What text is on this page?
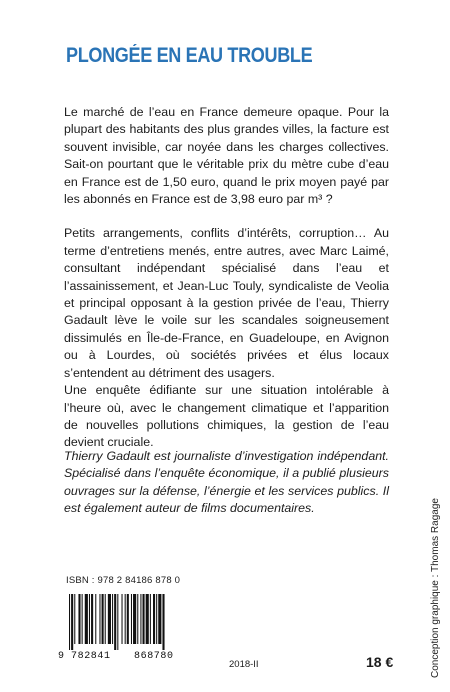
PLONGÉE EN EAU TROUBLE

Le marché de l’eau en France demeure opaque. Pour la plupart des habitants des plus grandes villes, la facture est souvent invisible, car noyée dans les charges collectives. Sait-on pourtant que le véritable prix du mètre cube d’eau en France est de 1,50 euro, quand le prix moyen payé par les abonnés en France est de 3,98 euro par m³ ?

Petits arrangements, conflits d’intérêts, corruption… Au terme d’entretiens menés, entre autres, avec Marc Laimé, consultant indépendant spécialisé dans l’eau et l’assainissement, et Jean-Luc Touly, syndicaliste de Veolia et principal opposant à la gestion privée de l’eau, Thierry Gadault lève le voile sur les scandales soigneusement dissimulés en Île-de-France, en Guadeloupe, en Avignon ou à Lourdes, où sociétés privées et élus locaux s’entendent au détriment des usagers.

Une enquête édifiante sur une situation intolérable à l’heure où, avec le changement climatique et l’apparition de nouvelles pollutions chimiques, la gestion de l’eau devient cruciale.

Thierry Gadault est journaliste d’investigation indépendant. Spécialisé dans l’enquête économique, il a publié plusieurs ouvrages sur la défense, l’énergie et les services publics. Il est également auteur de films documentaires.	Conception graphique : Thomas Ragage
ISBN : 978 2 84186 878 0
9 782841 868780
2018-II	18 €
